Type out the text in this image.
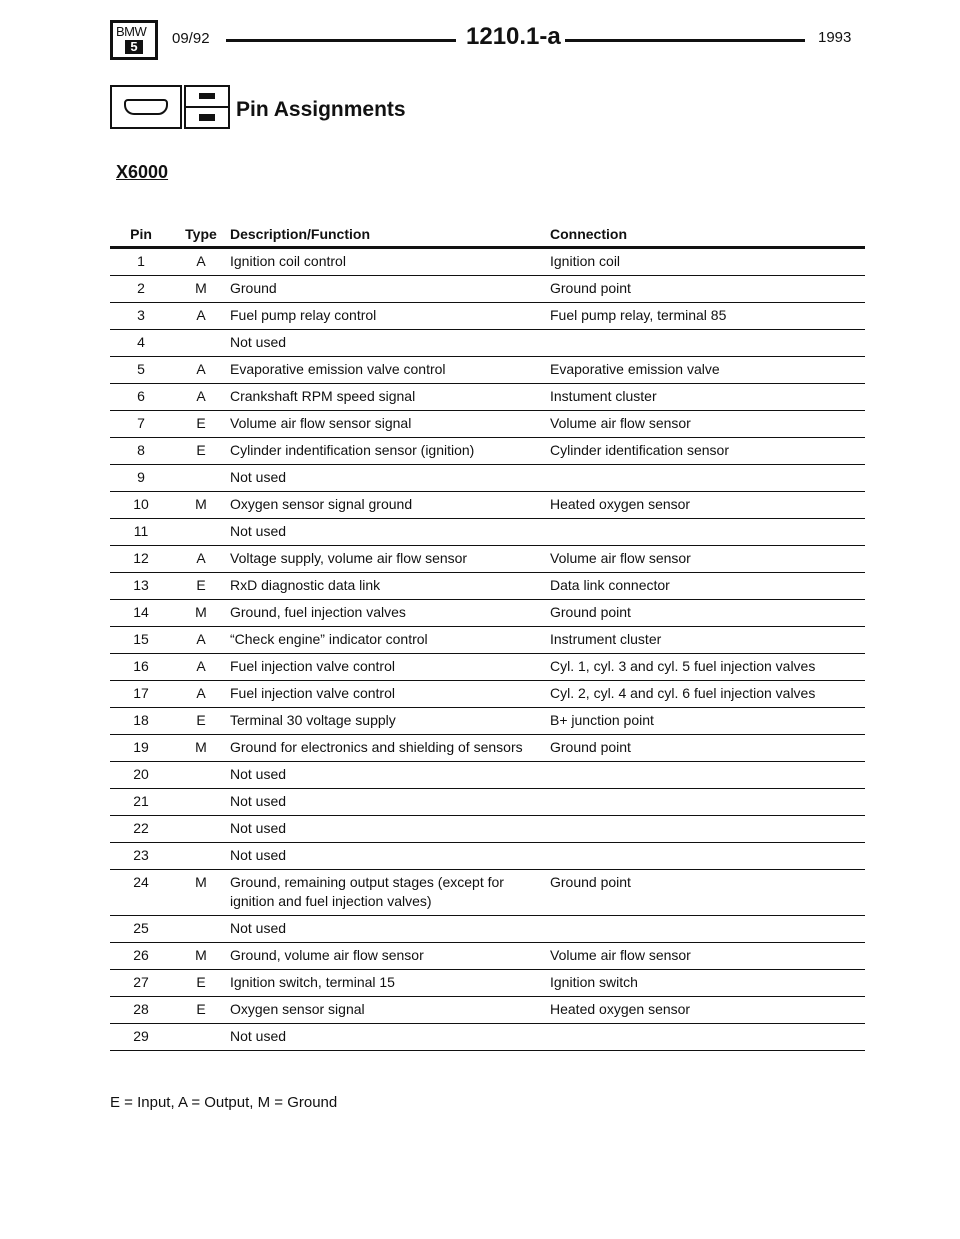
BMW
5	09/92	1210.1-a	1993
Pin Assignments
X6000
Pin	Type	Description/Function	Connection
1	A	Ignition coil control	Ignition coil
2	M	Ground	Ground point
3	A	Fuel pump relay control	Fuel pump relay, terminal 85
4		Not used	
5	A	Evaporative emission valve control	Evaporative emission valve
6	A	Crankshaft RPM speed signal	Instument cluster
7	E	Volume air flow sensor signal	Volume air flow sensor
8	E	Cylinder indentification sensor (ignition)	Cylinder identification sensor
9		Not used	
10	M	Oxygen sensor signal ground	Heated oxygen sensor
11		Not used	
12	A	Voltage supply, volume air flow sensor	Volume air flow sensor
13	E	RxD diagnostic data link	Data link connector
14	M	Ground, fuel injection valves	Ground point
15	A	“Check engine” indicator control	Instrument cluster
16	A	Fuel injection valve control	Cyl. 1, cyl. 3 and cyl. 5 fuel injection valves
17	A	Fuel injection valve control	Cyl. 2, cyl. 4 and cyl. 6 fuel injection valves
18	E	Terminal 30 voltage supply	B+ junction point
19	M	Ground for electronics and shielding of sensors	Ground point
20		Not used	
21		Not used	
22		Not used	
23		Not used	
24	M	Ground, remaining output stages (except for ignition and fuel injection valves)	Ground point
25		Not used	
26	M	Ground, volume air flow sensor	Volume air flow sensor
27	E	Ignition switch, terminal 15	Ignition switch
28	E	Oxygen sensor signal	Heated oxygen sensor
29		Not used	
E = Input, A = Output, M = Ground
